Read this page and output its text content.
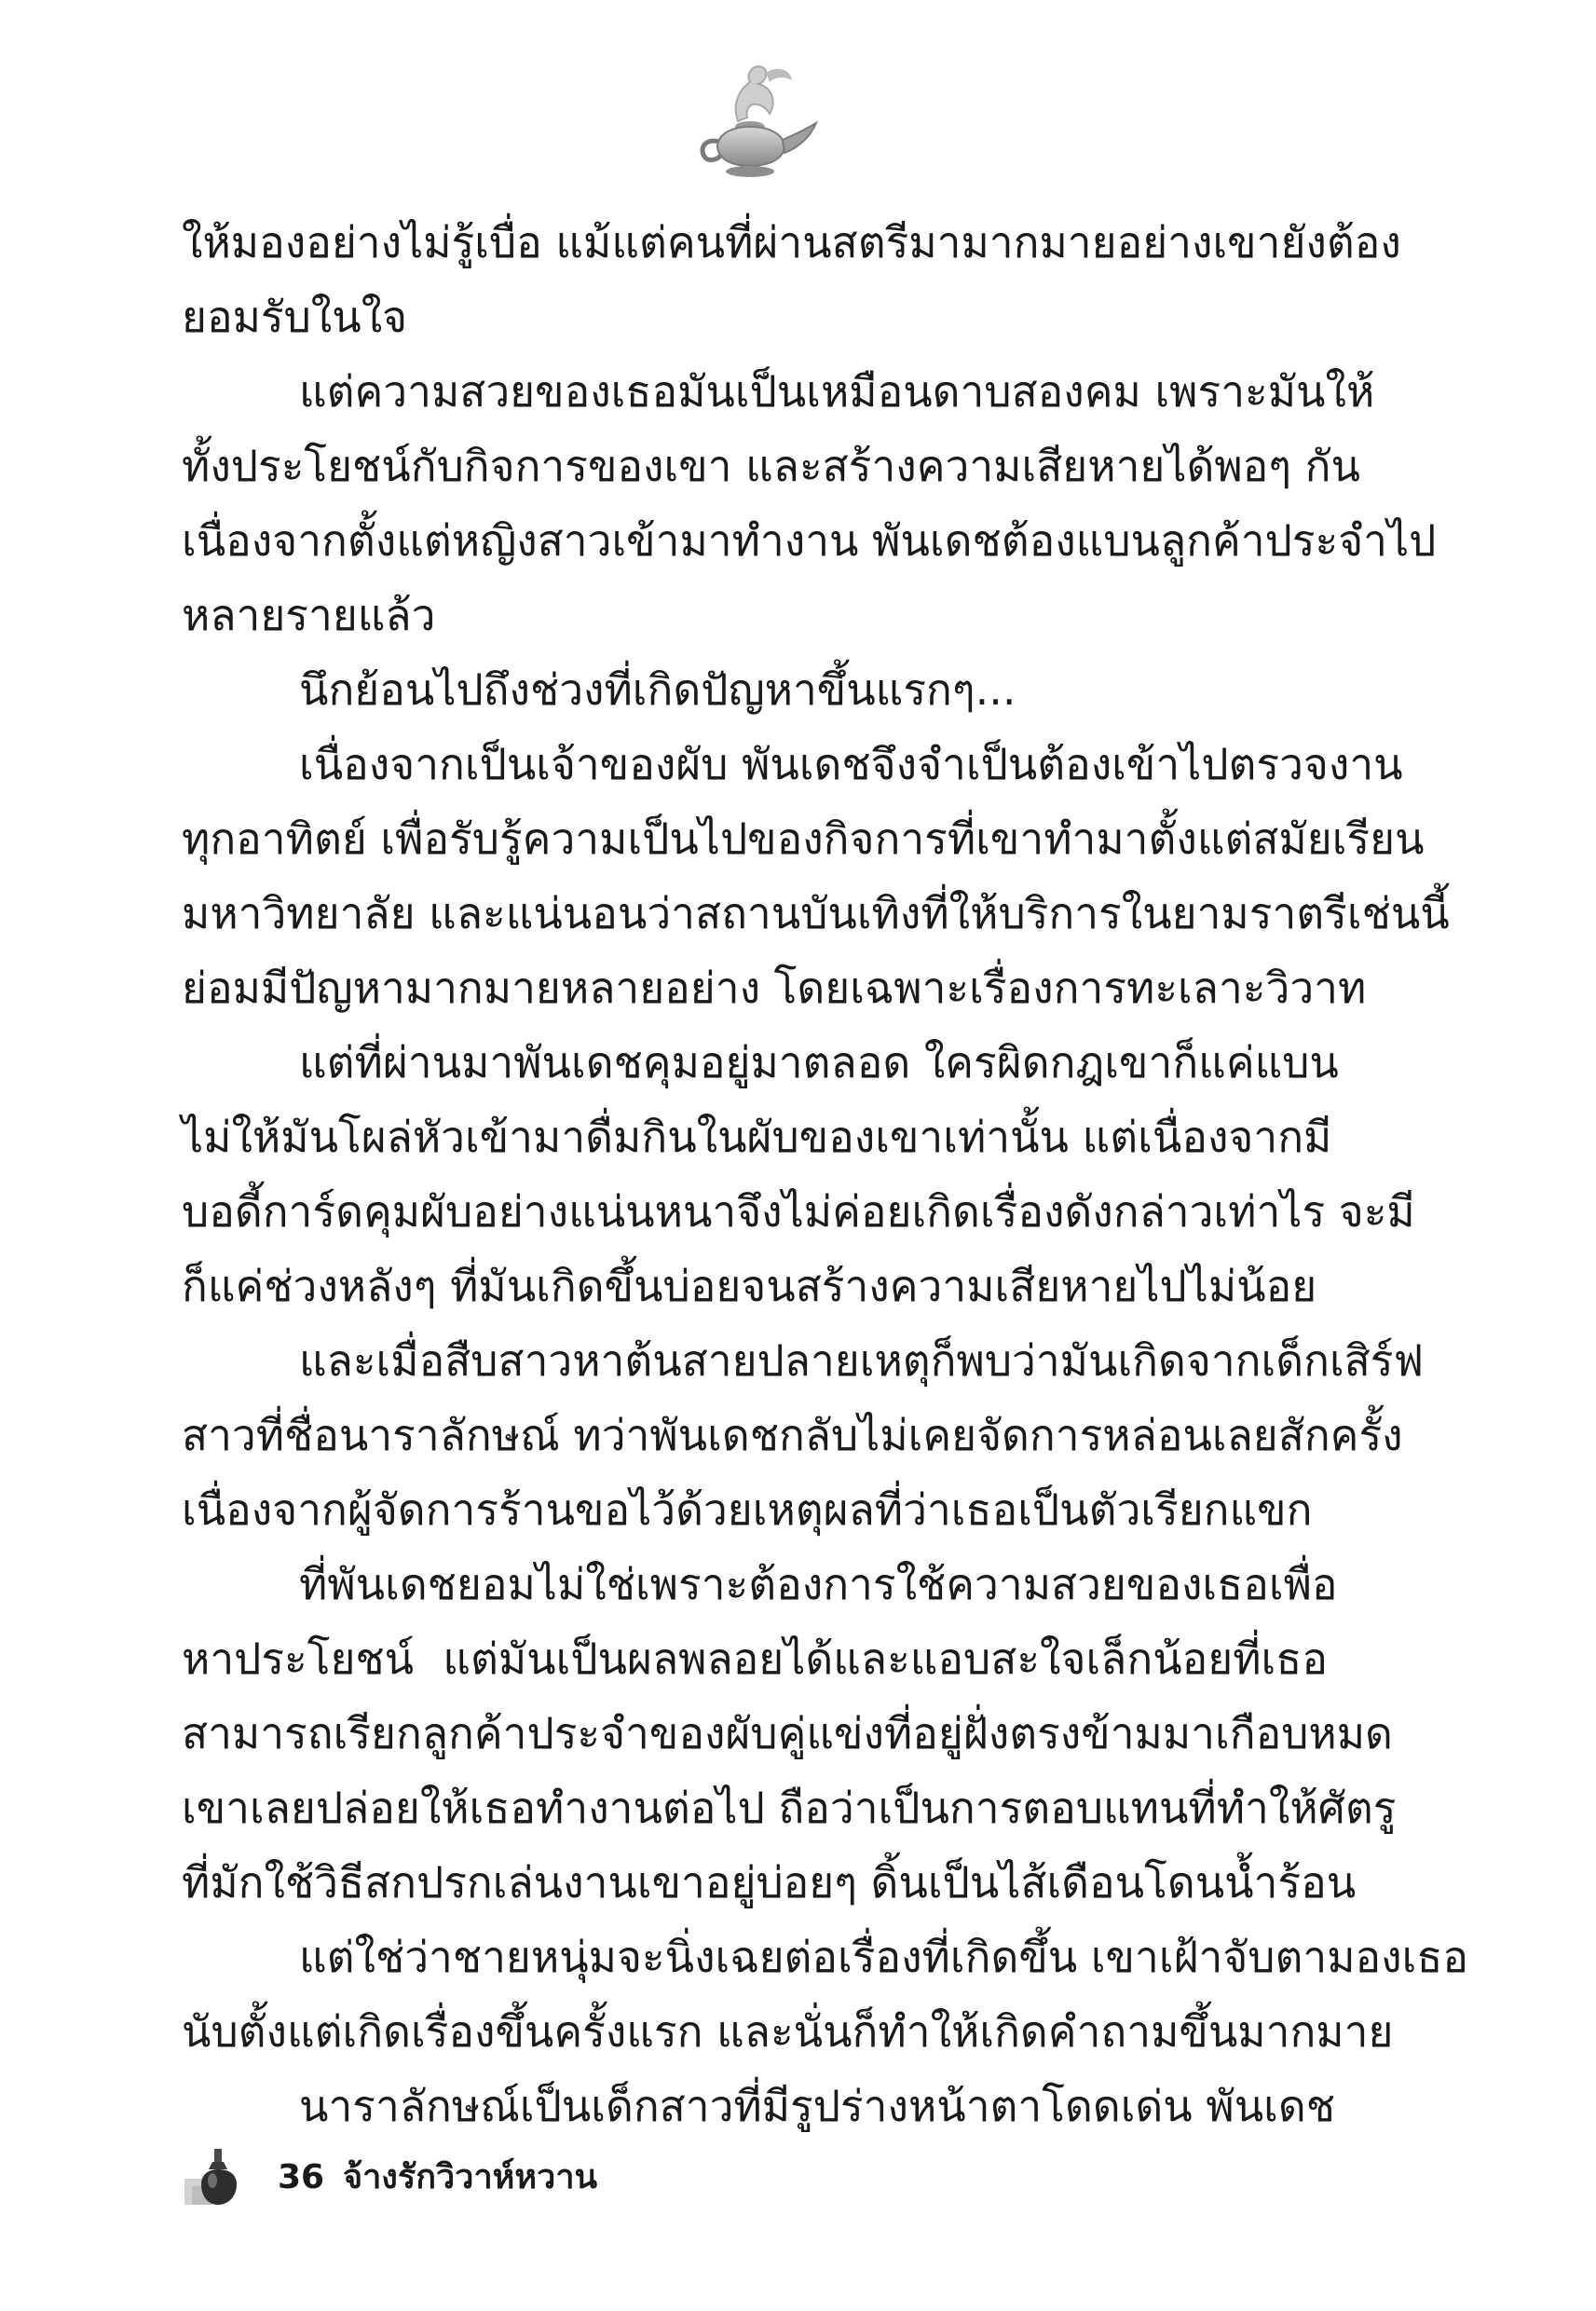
ให้มองอย่างไม่รู้เบื่อ แม้แต่คนที่ผ่านสตรีมามากมายอย่างเขายังต้อง
ยอมรับในใจ
แต่ความสวยของเธอมันเป็นเหมือนดาบสองคม เพราะมันให้
ทั้งประโยชน์กับกิจการของเขา และสร้างความเสียหายได้พอๆ กัน
เนื่องจากตั้งแต่หญิงสาวเข้ามาทำงาน พันเดชต้องแบนลูกค้าประจำไป
หลายรายแล้ว
นึกย้อนไปถึงช่วงที่เกิดปัญหาขึ้นแรกๆ...
เนื่องจากเป็นเจ้าของผับ พันเดชจึงจำเป็นต้องเข้าไปตรวจงาน
ทุกอาทิตย์ เพื่อรับรู้ความเป็นไปของกิจการที่เขาทำมาตั้งแต่สมัยเรียน
มหาวิทยาลัย และแน่นอนว่าสถานบันเทิงที่ให้บริการในยามราตรีเช่นนี้
ย่อมมีปัญหามากมายหลายอย่าง โดยเฉพาะเรื่องการทะเลาะวิวาท
แต่ที่ผ่านมาพันเดชคุมอยู่มาตลอด ใครผิดกฎเขาก็แค่แบน
ไม่ให้มันโผล่หัวเข้ามาดื่มกินในผับของเขาเท่านั้น แต่เนื่องจากมี
บอดี้การ์ดคุมผับอย่างแน่นหนาจึงไม่ค่อยเกิดเรื่องดังกล่าวเท่าไร จะมี
ก็แค่ช่วงหลังๆ ที่มันเกิดขึ้นบ่อยจนสร้างความเสียหายไปไม่น้อย
และเมื่อสืบสาวหาต้นสายปลายเหตุก็พบว่ามันเกิดจากเด็กเสิร์ฟ
สาวที่ชื่อนาราลักษณ์ ทว่าพันเดชกลับไม่เคยจัดการหล่อนเลยสักครั้ง
เนื่องจากผู้จัดการร้านขอไว้ด้วยเหตุผลที่ว่าเธอเป็นตัวเรียกแขก
ที่พันเดชยอมไม่ใช่เพราะต้องการใช้ความสวยของเธอเพื่อ
หาประโยชน์ แต่มันเป็นผลพลอยได้และแอบสะใจเล็กน้อยที่เธอ
สามารถเรียกลูกค้าประจำของผับคู่แข่งที่อยู่ฝั่งตรงข้ามมาเกือบหมด
เขาเลยปล่อยให้เธอทำงานต่อไป ถือว่าเป็นการตอบแทนที่ทำให้ศัตรู
ที่มักใช้วิธีสกปรกเล่นงานเขาอยู่บ่อยๆ ดิ้นเป็นไส้เดือนโดนน้ำร้อน
แต่ใช่ว่าชายหนุ่มจะนิ่งเฉยต่อเรื่องที่เกิดขึ้น เขาเฝ้าจับตามองเธอ
นับตั้งแต่เกิดเรื่องขึ้นครั้งแรก และนั่นก็ทำให้เกิดคำถามขึ้นมากมาย
นาราลักษณ์เป็นเด็กสาวที่มีรูปร่างหน้าตาโดดเด่น พันเดช
36 จ้างรักวิวาห์หวาน
